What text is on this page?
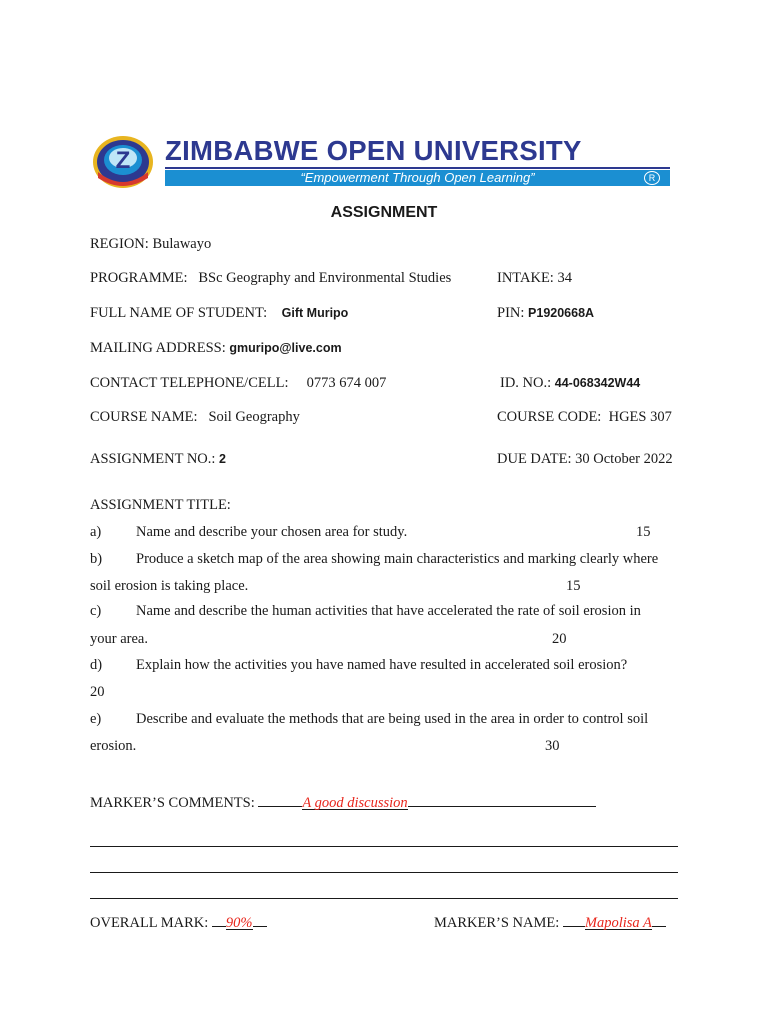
Z ZIMBABWE OPEN UNIVERSITY
“Empowerment Through Open Learning”	R
ASSIGNMENT
REGION: Bulawayo
PROGRAMME: BSc Geography and Environmental Studies	INTAKE: 34
FULL NAME OF STUDENT: Gift Muripo	PIN: P1920668A
MAILING ADDRESS: gmuripo@live.com
CONTACT TELEPHONE/CELL: 0773 674 007	ID. NO.: 44-068342W44
COURSE NAME: Soil Geography	COURSE CODE: HGES 307
ASSIGNMENT NO.: 2	DUE DATE: 30 October 2022
ASSIGNMENT TITLE:
a) Name and describe your chosen area for study.	15
b) Produce a sketch map of the area showing main characteristics and marking clearly where
soil erosion is taking place.	15
c) Name and describe the human activities that have accelerated the rate of soil erosion in
your area.	20
d) Explain how the activities you have named have resulted in accelerated soil erosion?
20
e) Describe and evaluate the methods that are being used in the area in order to control soil
erosion.	30
MARKER’S COMMENTS:	A good discussion
OVERALL MARK: 90%	MARKER’S NAME: Mapolisa A
